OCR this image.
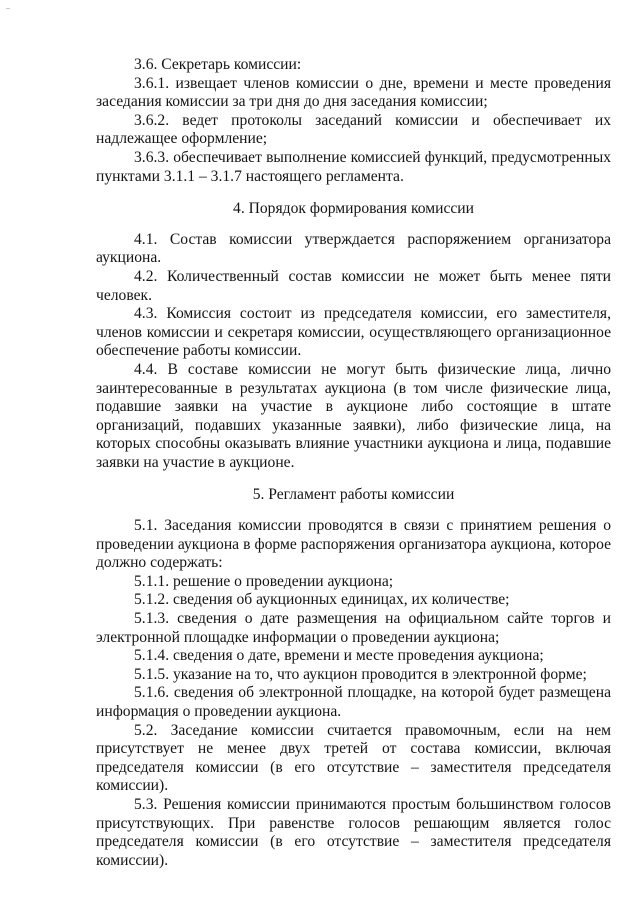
3.6. Секретарь комиссии:

3.6.1. извещает членов комиссии о дне, времени и месте проведения заседания комиссии за три дня до дня заседания комиссии;

3.6.2. ведет протоколы заседаний комиссии и обеспечивает их надлежащее оформление;

3.6.3. обеспечивает выполнение комиссией функций, предусмотренных пунктами 3.1.1 – 3.1.7 настоящего регламента.

4. Порядок формирования комиссии

4.1. Состав комиссии утверждается распоряжением организатора аукциона.

4.2. Количественный состав комиссии не может быть менее пяти человек.

4.3. Комиссия состоит из председателя комиссии, его заместителя, членов комиссии и секретаря комиссии, осуществляющего организационное обеспечение работы комиссии.

4.4. В составе комиссии не могут быть физические лица, лично заинтересованные в результатах аукциона (в том числе физические лица, подавшие заявки на участие в аукционе либо состоящие в штате организаций, подавших указанные заявки), либо физические лица, на которых способны оказывать влияние участники аукциона и лица, подавшие заявки на участие в аукционе.

5. Регламент работы комиссии

5.1. Заседания комиссии проводятся в связи с принятием решения о проведении аукциона в форме распоряжения организатора аукциона, которое должно содержать:

5.1.1. решение о проведении аукциона;

5.1.2. сведения об аукционных единицах, их количестве;

5.1.3. сведения о дате размещения на официальном сайте торгов и электронной площадке информации о проведении аукциона;

5.1.4. сведения о дате, времени и месте проведения аукциона;

5.1.5. указание на то, что аукцион проводится в электронной форме;

5.1.6. сведения об электронной площадке, на которой будет размещена информация о проведении аукциона.

5.2. Заседание комиссии считается правомочным, если на нем присутствует не менее двух третей от состава комиссии, включая председателя комиссии (в его отсутствие – заместителя председателя комиссии).

5.3. Решения комиссии принимаются простым большинством голосов присутствующих. При равенстве голосов решающим является голос председателя комиссии (в его отсутствие – заместителя председателя комиссии).
